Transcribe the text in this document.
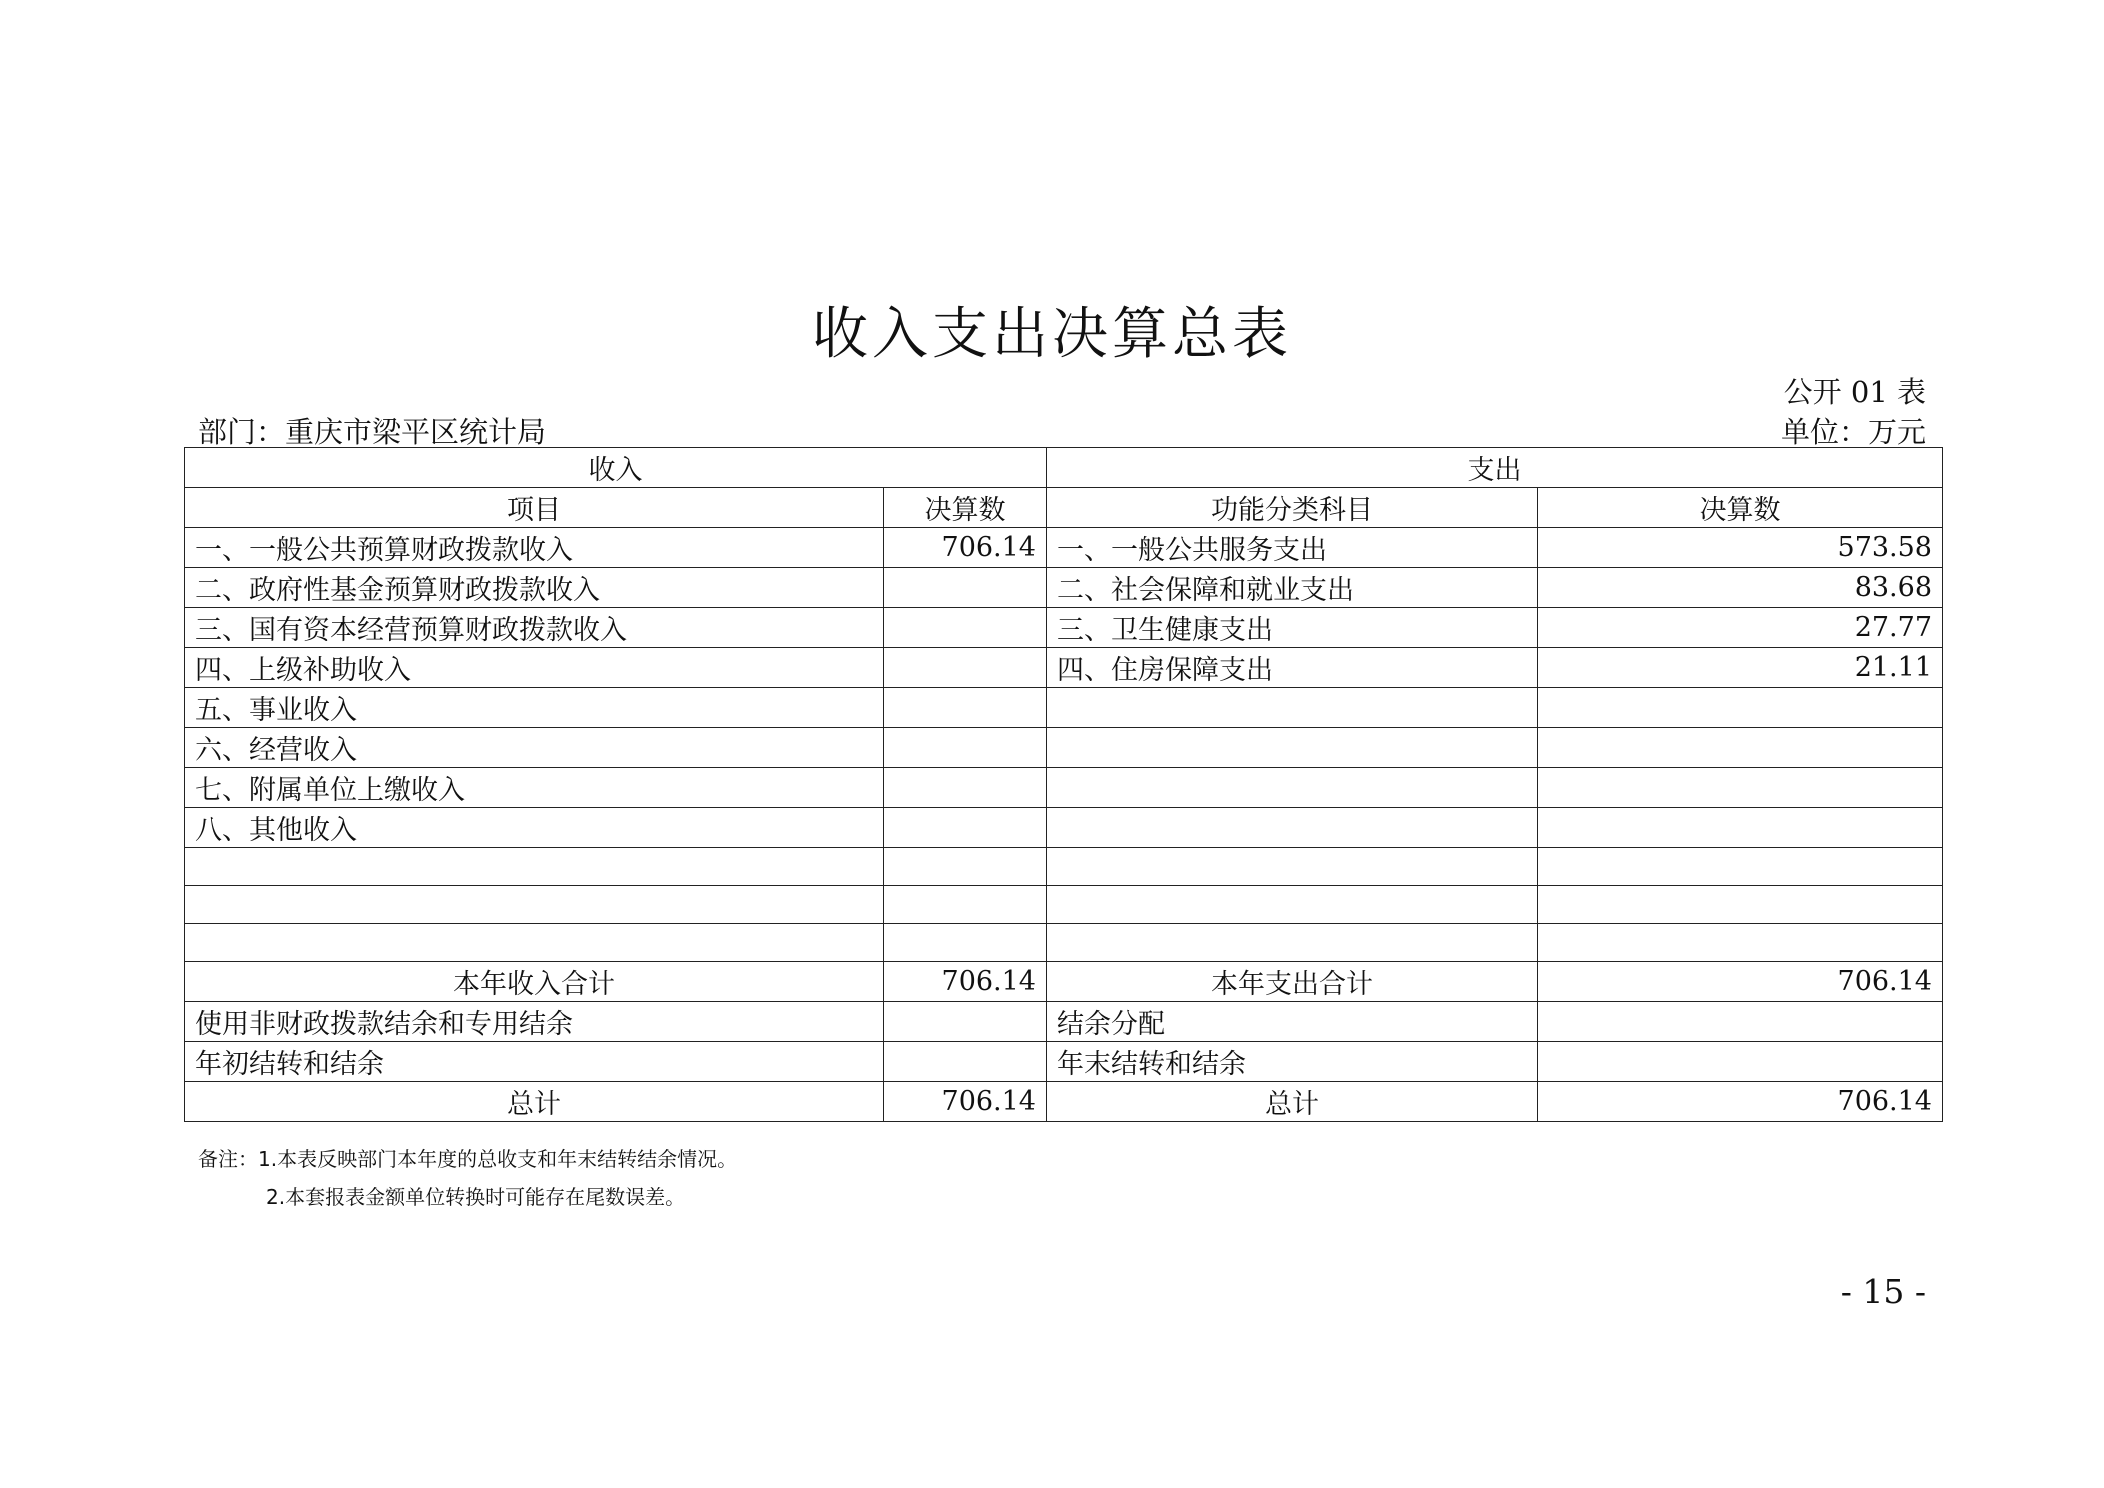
收入支出决算总表
公开 01 表
部门：重庆市梁平区统计局	单位：万元
收入		支出	
项目	决算数	功能分类科目	决算数
一、一般公共预算财政拨款收入	706.14	一、一般公共服务支出	573.58
二、政府性基金预算财政拨款收入		二、社会保障和就业支出	83.68
三、国有资本经营预算财政拨款收入		三、卫生健康支出	27.77
四、上级补助收入		四、住房保障支出	21.11
五、事业收入			
六、经营收入			
七、附属单位上缴收入			
八、其他收入			

本年收入合计	706.14	本年支出合计	706.14
使用非财政拨款结余和专用结余		结余分配	
年初结转和结余		年末结转和结余	
总计	706.14	总计	706.14
备注：1.本表反映部门本年度的总收支和年末结转结余情况。
2.本套报表金额单位转换时可能存在尾数误差。
- 15 -
